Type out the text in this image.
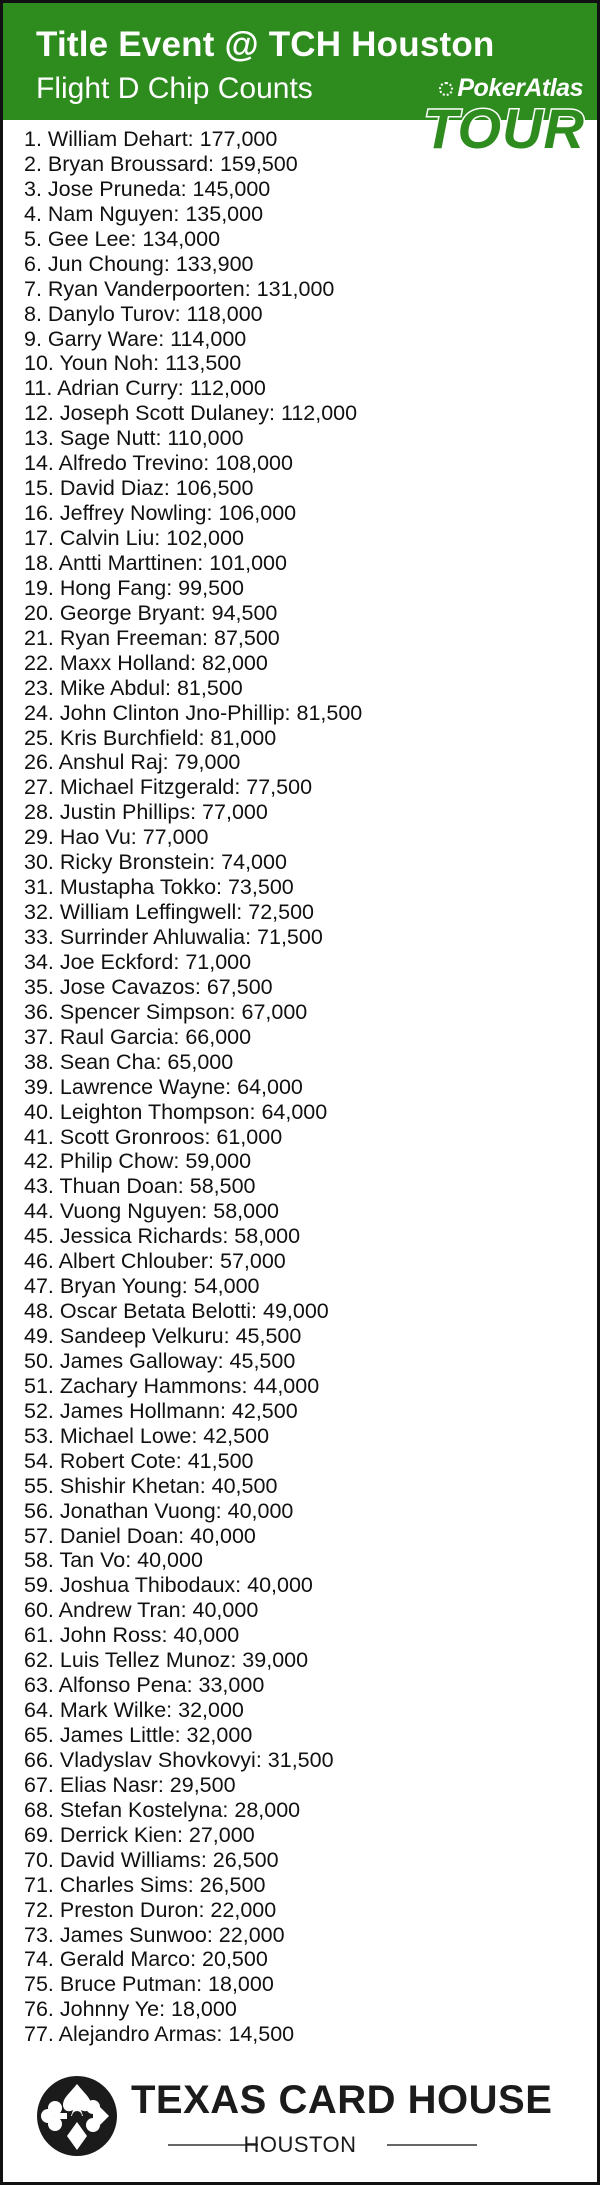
Title Event @ TCH Houston
Flight D Chip Counts	PokerAtlas
TOUR
1. William Dehart: 177,000
2. Bryan Broussard: 159,500
3. Jose Pruneda: 145,000
4. Nam Nguyen: 135,000
5. Gee Lee: 134,000
6. Jun Choung: 133,900
7. Ryan Vanderpoorten: 131,000
8. Danylo Turov: 118,000
9. Garry Ware: 114,000
10. Youn Noh: 113,500
11. Adrian Curry: 112,000
12. Joseph Scott Dulaney: 112,000
13. Sage Nutt: 110,000
14. Alfredo Trevino: 108,000
15. David Diaz: 106,500
16. Jeffrey Nowling: 106,000
17. Calvin Liu: 102,000
18. Antti Marttinen: 101,000
19. Hong Fang: 99,500
20. George Bryant: 94,500
21. Ryan Freeman: 87,500
22. Maxx Holland: 82,000
23. Mike Abdul: 81,500
24. John Clinton Jno-Phillip: 81,500
25. Kris Burchfield: 81,000
26. Anshul Raj: 79,000
27. Michael Fitzgerald: 77,500
28. Justin Phillips: 77,000
29. Hao Vu: 77,000
30. Ricky Bronstein: 74,000
31. Mustapha Tokko: 73,500
32. William Leffingwell: 72,500
33. Surrinder Ahluwalia: 71,500
34. Joe Eckford: 71,000
35. Jose Cavazos: 67,500
36. Spencer Simpson: 67,000
37. Raul Garcia: 66,000
38. Sean Cha: 65,000
39. Lawrence Wayne: 64,000
40. Leighton Thompson: 64,000
41. Scott Gronroos: 61,000
42. Philip Chow: 59,000
43. Thuan Doan: 58,500
44. Vuong Nguyen: 58,000
45. Jessica Richards: 58,000
46. Albert Chlouber: 57,000
47. Bryan Young: 54,000
48. Oscar Betata Belotti: 49,000
49. Sandeep Velkuru: 45,500
50. James Galloway: 45,500
51. Zachary Hammons: 44,000
52. James Hollmann: 42,500
53. Michael Lowe: 42,500
54. Robert Cote: 41,500
55. Shishir Khetan: 40,500
56. Jonathan Vuong: 40,000
57. Daniel Doan: 40,000
58. Tan Vo: 40,000
59. Joshua Thibodaux: 40,000
60. Andrew Tran: 40,000
61. John Ross: 40,000
62. Luis Tellez Munoz: 39,000
63. Alfonso Pena: 33,000
64. Mark Wilke: 32,000
65. James Little: 32,000
66. Vladyslav Shovkovyi: 31,500
67. Elias Nasr: 29,500
68. Stefan Kostelyna: 28,000
69. Derrick Kien: 27,000
70. David Williams: 26,500
71. Charles Sims: 26,500
72. Preston Duron: 22,000
73. James Sunwoo: 22,000
74. Gerald Marco: 20,500
75. Bruce Putman: 18,000
76. Johnny Ye: 18,000
77. Alejandro Armas: 14,500
TEXAS CARD HOUSE
HOUSTON
